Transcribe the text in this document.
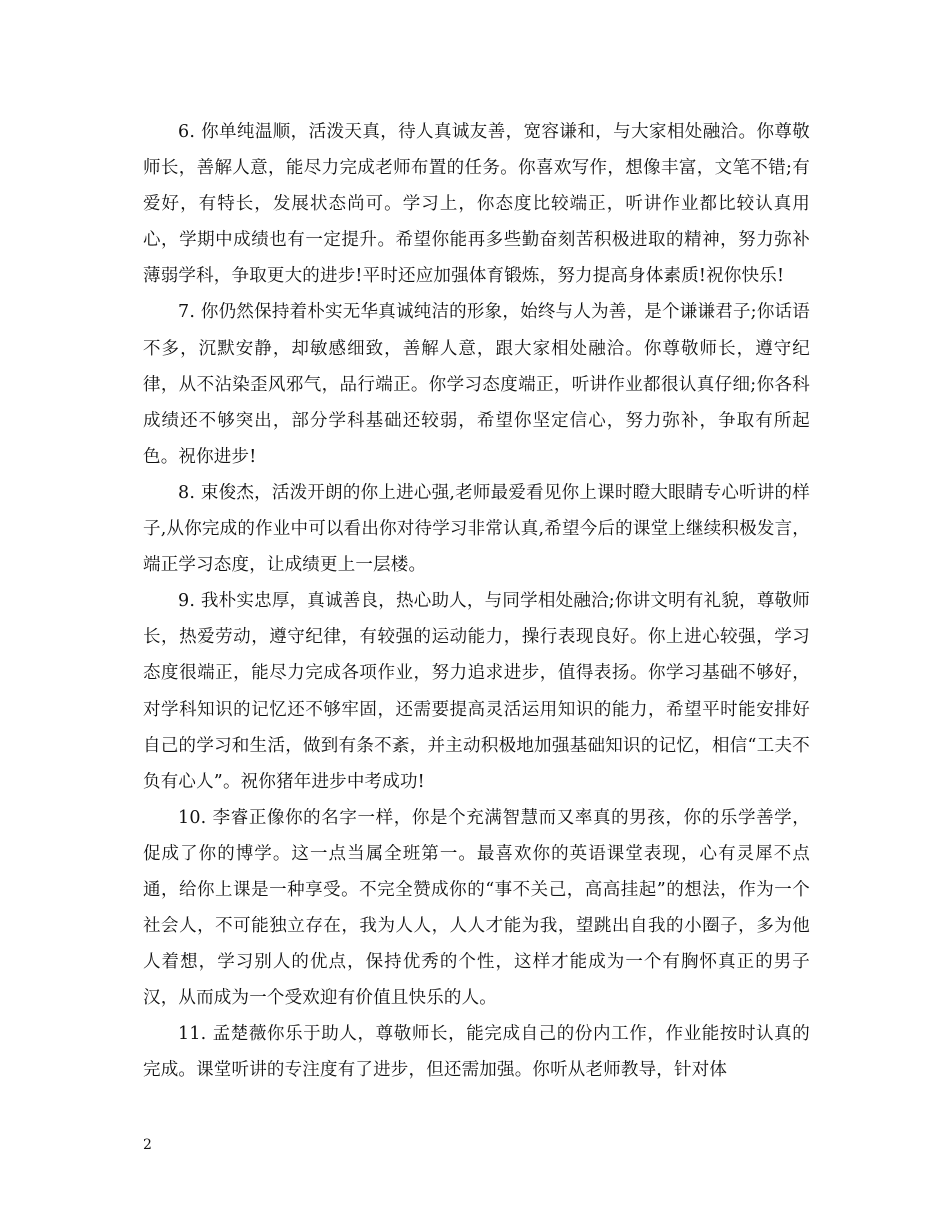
6. 你单纯温顺，活泼天真，待人真诚友善，宽容谦和，与大家相处融洽。你尊敬师长，善解人意，能尽力完成老师布置的任务。你喜欢写作，想像丰富，文笔不错;有爱好，有特长，发展状态尚可。学习上，你态度比较端正，听讲作业都比较认真用心，学期中成绩也有一定提升。希望你能再多些勤奋刻苦积极进取的精神，努力弥补薄弱学科，争取更大的进步!平时还应加强体育锻炼，努力提高身体素质!祝你快乐!

7. 你仍然保持着朴实无华真诚纯洁的形象，始终与人为善，是个谦谦君子;你话语不多，沉默安静，却敏感细致，善解人意，跟大家相处融洽。你尊敬师长，遵守纪律，从不沾染歪风邪气，品行端正。你学习态度端正，听讲作业都很认真仔细;你各科成绩还不够突出，部分学科基础还较弱，希望你坚定信心，努力弥补，争取有所起色。祝你进步!

8. 束俊杰，活泼开朗的你上进心强,老师最爱看见你上课时瞪大眼睛专心听讲的样子,从你完成的作业中可以看出你对待学习非常认真,希望今后的课堂上继续积极发言，端正学习态度，让成绩更上一层楼。

9. 我朴实忠厚，真诚善良，热心助人，与同学相处融洽;你讲文明有礼貌，尊敬师长，热爱劳动，遵守纪律，有较强的运动能力，操行表现良好。你上进心较强，学习态度很端正，能尽力完成各项作业，努力追求进步，值得表扬。你学习基础不够好，对学科知识的记忆还不够牢固，还需要提高灵活运用知识的能力，希望平时能安排好自己的学习和生活，做到有条不紊，并主动积极地加强基础知识的记忆，相信“工夫不负有心人”。祝你猪年进步中考成功!

10. 李睿正像你的名字一样，你是个充满智慧而又率真的男孩，你的乐学善学，促成了你的博学。这一点当属全班第一。最喜欢你的英语课堂表现，心有灵犀不点通，给你上课是一种享受。不完全赞成你的“事不关己，高高挂起”的想法，作为一个社会人，不可能独立存在，我为人人，人人才能为我，望跳出自我的小圈子，多为他人着想，学习别人的优点，保持优秀的个性，这样才能成为一个有胸怀真正的男子汉，从而成为一个受欢迎有价值且快乐的人。

11. 孟楚薇你乐于助人，尊敬师长，能完成自己的份内工作，作业能按时认真的完成。课堂听讲的专注度有了进步，但还需加强。你听从老师教导，针对体

2
